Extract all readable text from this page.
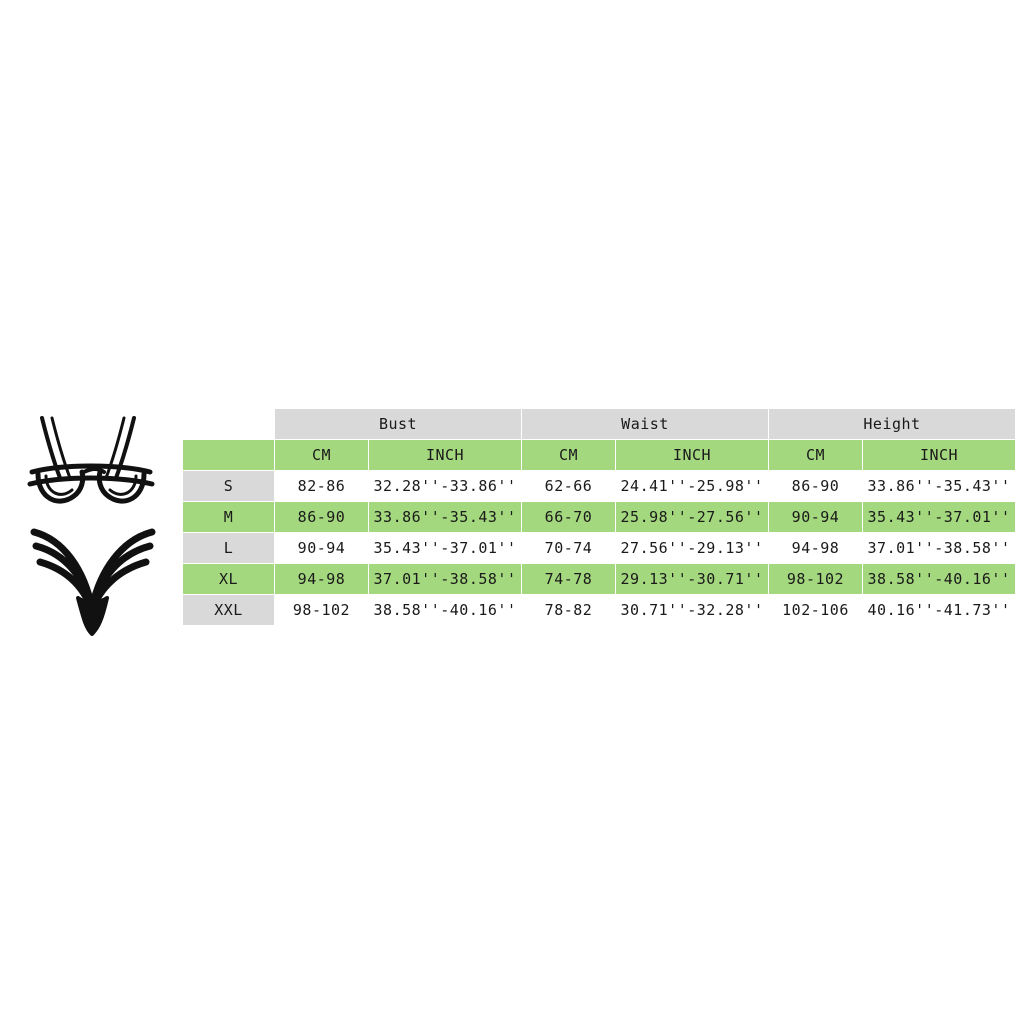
	Bust		Waist		Height	
	CM	INCH	CM	INCH	CM	INCH
S	82-86	32.28''-33.86''	62-66	24.41''-25.98''	86-90	33.86''-35.43''
M	86-90	33.86''-35.43''	66-70	25.98''-27.56''	90-94	35.43''-37.01''
L	90-94	35.43''-37.01''	70-74	27.56''-29.13''	94-98	37.01''-38.58''
XL	94-98	37.01''-38.58''	74-78	29.13''-30.71''	98-102	38.58''-40.16''
XXL	98-102	38.58''-40.16''	78-82	30.71''-32.28''	102-106	40.16''-41.73''
